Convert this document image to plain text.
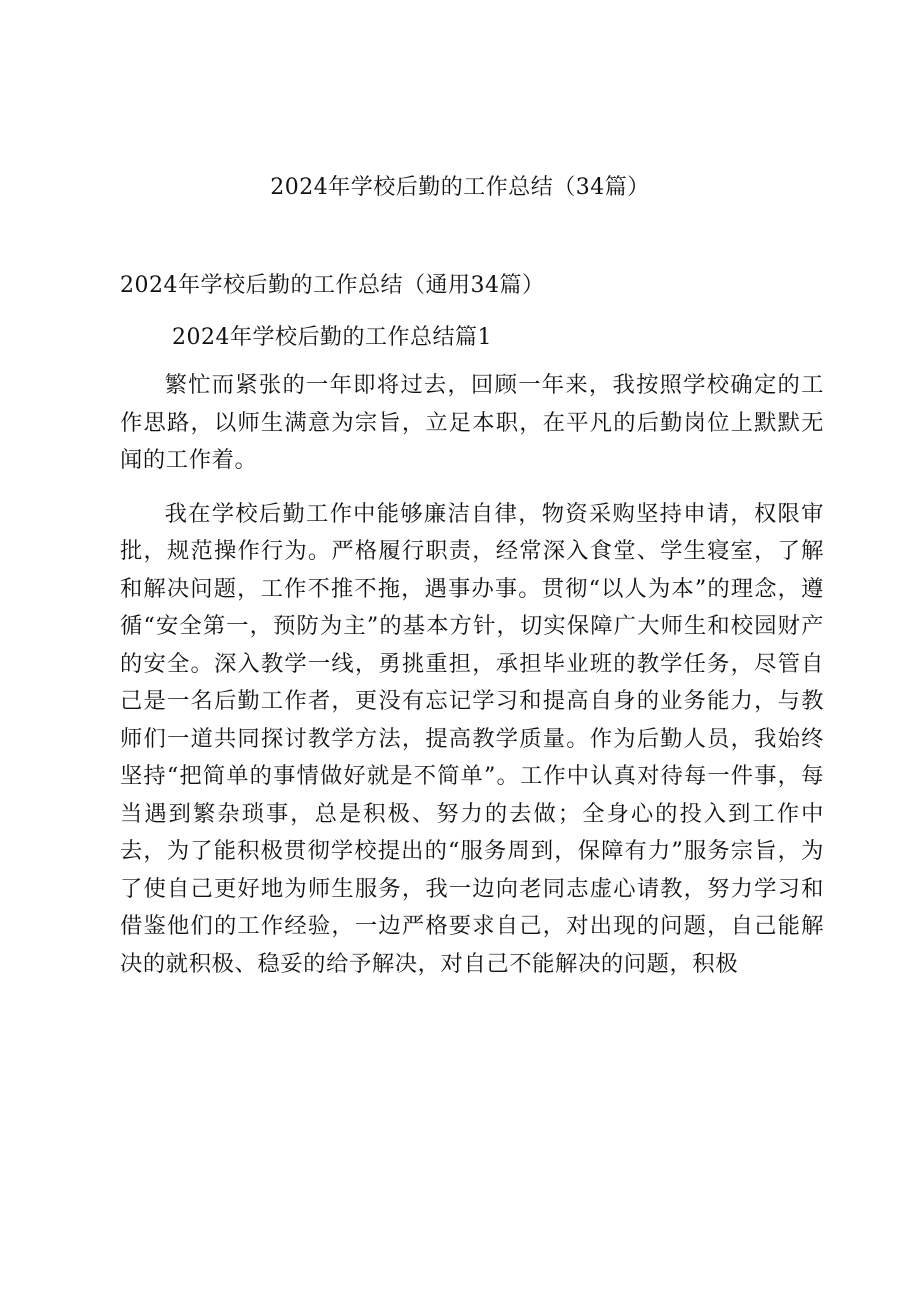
2024年学校后勤的工作总结（34篇）
2024年学校后勤的工作总结（通用34篇）
2024年学校后勤的工作总结篇1

繁忙而紧张的一年即将过去，回顾一年来，我按照学校确定的工作思路，以师生满意为宗旨，立足本职，在平凡的后勤岗位上默默无闻的工作着。

我在学校后勤工作中能够廉洁自律，物资采购坚持申请，权限审批，规范操作行为。严格履行职责，经常深入食堂、学生寝室，了解和解决问题，工作不推不拖，遇事办事。贯彻“以人为本”的理念，遵循“安全第一，预防为主”的基本方针，切实保障广大师生和校园财产的安全。深入教学一线，勇挑重担，承担毕业班的教学任务，尽管自己是一名后勤工作者，更没有忘记学习和提高自身的业务能力，与教师们一道共同探讨教学方法，提高教学质量。作为后勤人员，我始终坚持“把简单的事情做好就是不简单”。工作中认真对待每一件事，每当遇到繁杂琐事，总是积极、努力的去做；全身心的投入到工作中去，为了能积极贯彻学校提出的“服务周到，保障有力”服务宗旨，为了使自己更好地为师生服务，我一边向老同志虚心请教，努力学习和借鉴他们的工作经验，一边严格要求自己，对出现的问题，自己能解决的就积极、稳妥的给予解决，对自己不能解决的问题，积极
